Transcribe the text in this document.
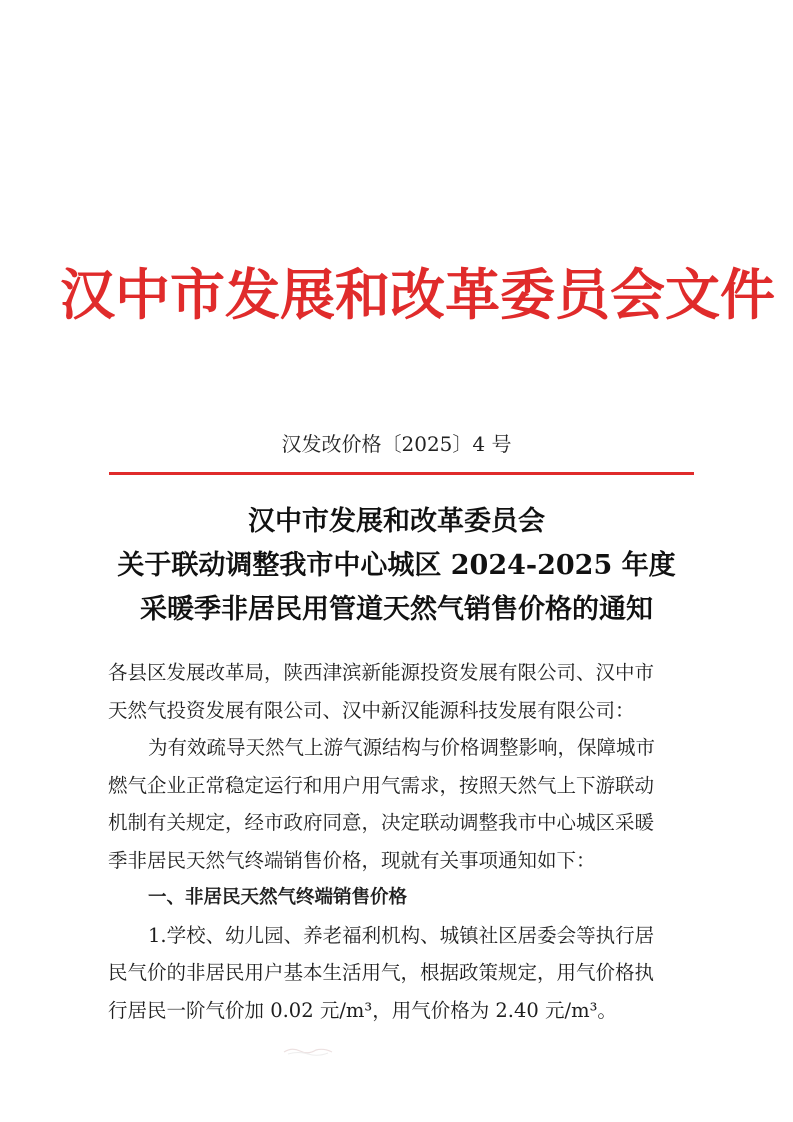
汉中市发展和改革委员会文件
汉发改价格〔2025〕4 号
汉中市发展和改革委员会
关于联动调整我市中心城区 2024-2025 年度
采暖季非居民用管道天然气销售价格的通知

各县区发展改革局，陕西津滨新能源投资发展有限公司、汉中市

天然气投资发展有限公司、汉中新汉能源科技发展有限公司：

为有效疏导天然气上游气源结构与价格调整影响，保障城市

燃气企业正常稳定运行和用户用气需求，按照天然气上下游联动

机制有关规定，经市政府同意，决定联动调整我市中心城区采暖

季非居民天然气终端销售价格，现就有关事项通知如下：

一、非居民天然气终端销售价格

1.学校、幼儿园、养老福利机构、城镇社区居委会等执行居

民气价的非居民用户基本生活用气，根据政策规定，用气价格执

行居民一阶气价加 0.02 元/m³，用气价格为 2.40 元/m³。
